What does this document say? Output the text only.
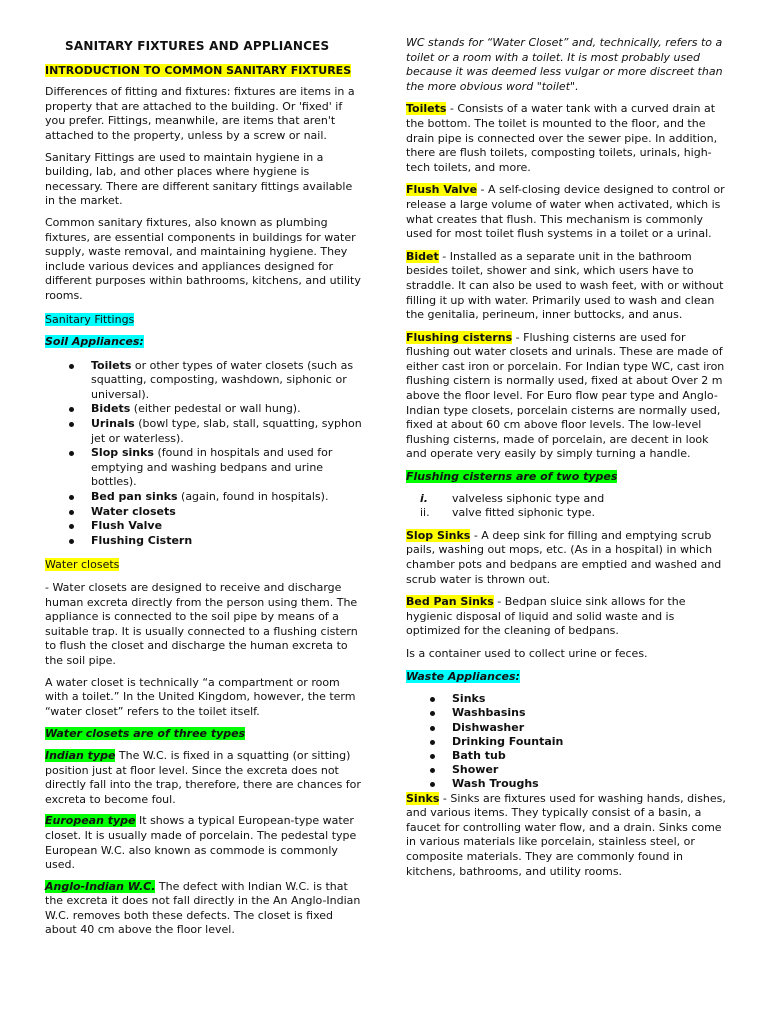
SANITARY FIXTURES AND APPLIANCES

INTRODUCTION TO COMMON SANITARY FIXTURES

Differences of fitting and fixtures: fixtures are items in a property that are attached to the building. Or 'fixed' if you prefer. Fittings, meanwhile, are items that aren't attached to the property, unless by a screw or nail.

Sanitary Fittings are used to maintain hygiene in a building, lab, and other places where hygiene is necessary. There are different sanitary fittings available in the market.

Common sanitary fixtures, also known as plumbing fixtures, are essential components in buildings for water supply, waste removal, and maintaining hygiene. They include various devices and appliances designed for different purposes within bathrooms, kitchens, and utility rooms.

Sanitary Fittings

Soil Appliances:

Toilets or other types of water closets (such as squatting, composting, washdown, siphonic or universal).
Bidets (either pedestal or wall hung).
Urinals (bowl type, slab, stall, squatting, syphon jet or waterless).
Slop sinks (found in hospitals and used for emptying and washing bedpans and urine bottles).
Bed pan sinks (again, found in hospitals).
Water closets
Flush Valve
Flushing Cistern

Water closets

- Water closets are designed to receive and discharge human excreta directly from the person using them. The appliance is connected to the soil pipe by means of a suitable trap. It is usually connected to a flushing cistern to flush the closet and discharge the human excreta to the soil pipe.

A water closet is technically “a compartment or room with a toilet.” In the United Kingdom, however, the term “water closet” refers to the toilet itself.

Water closets are of three types

Indian type The W.C. is fixed in a squatting (or sitting) position just at floor level. Since the excreta does not directly fall into the trap, therefore, there are chances for excreta to become foul.

European type It shows a typical European-type water closet. It is usually made of porcelain. The pedestal type European W.C. also known as commode is commonly used.

Anglo-Indian W.C. The defect with Indian W.C. is that the excreta it does not fall directly in the An Anglo-Indian W.C. removes both these defects. The closet is fixed about 40 cm above the floor level.

WC stands for “Water Closet” and, technically, refers to a toilet or a room with a toilet. It is most probably used because it was deemed less vulgar or more discreet than the more obvious word "toilet".

Toilets - Consists of a water tank with a curved drain at the bottom. The toilet is mounted to the floor, and the drain pipe is connected over the sewer pipe. In addition, there are flush toilets, composting toilets, urinals, high-tech toilets, and more.

Flush Valve - A self-closing device designed to control or release a large volume of water when activated, which is what creates that flush. This mechanism is commonly used for most toilet flush systems in a toilet or a urinal.

Bidet - Installed as a separate unit in the bathroom besides toilet, shower and sink, which users have to straddle. It can also be used to wash feet, with or without filling it up with water. Primarily used to wash and clean the genitalia, perineum, inner buttocks, and anus.

Flushing cisterns - Flushing cisterns are used for flushing out water closets and urinals. These are made of either cast iron or porcelain. For Indian type WC, cast iron flushing cistern is normally used, fixed at about Over 2 m above the floor level. For Euro flow pear type and Anglo-Indian type closets, porcelain cisterns are normally used, fixed at about 60 cm above floor levels. The low-level flushing cisterns, made of porcelain, are decent in look and operate very easily by simply turning a handle.

Flushing cisterns are of two types

i. valveless siphonic type and
ii. valve fitted siphonic type.

Slop Sinks - A deep sink for filling and emptying scrub pails, washing out mops, etc. (As in a hospital) in which chamber pots and bedpans are emptied and washed and scrub water is thrown out.

Bed Pan Sinks - Bedpan sluice sink allows for the hygienic disposal of liquid and solid waste and is optimized for the cleaning of bedpans.

Is a container used to collect urine or feces.

Waste Appliances:

Sinks
Washbasins
Dishwasher
Drinking Fountain
Bath tub
Shower
Wash Troughs

Sinks - Sinks are fixtures used for washing hands, dishes, and various items. They typically consist of a basin, a faucet for controlling water flow, and a drain. Sinks come in various materials like porcelain, stainless steel, or composite materials. They are commonly found in kitchens, bathrooms, and utility rooms.
